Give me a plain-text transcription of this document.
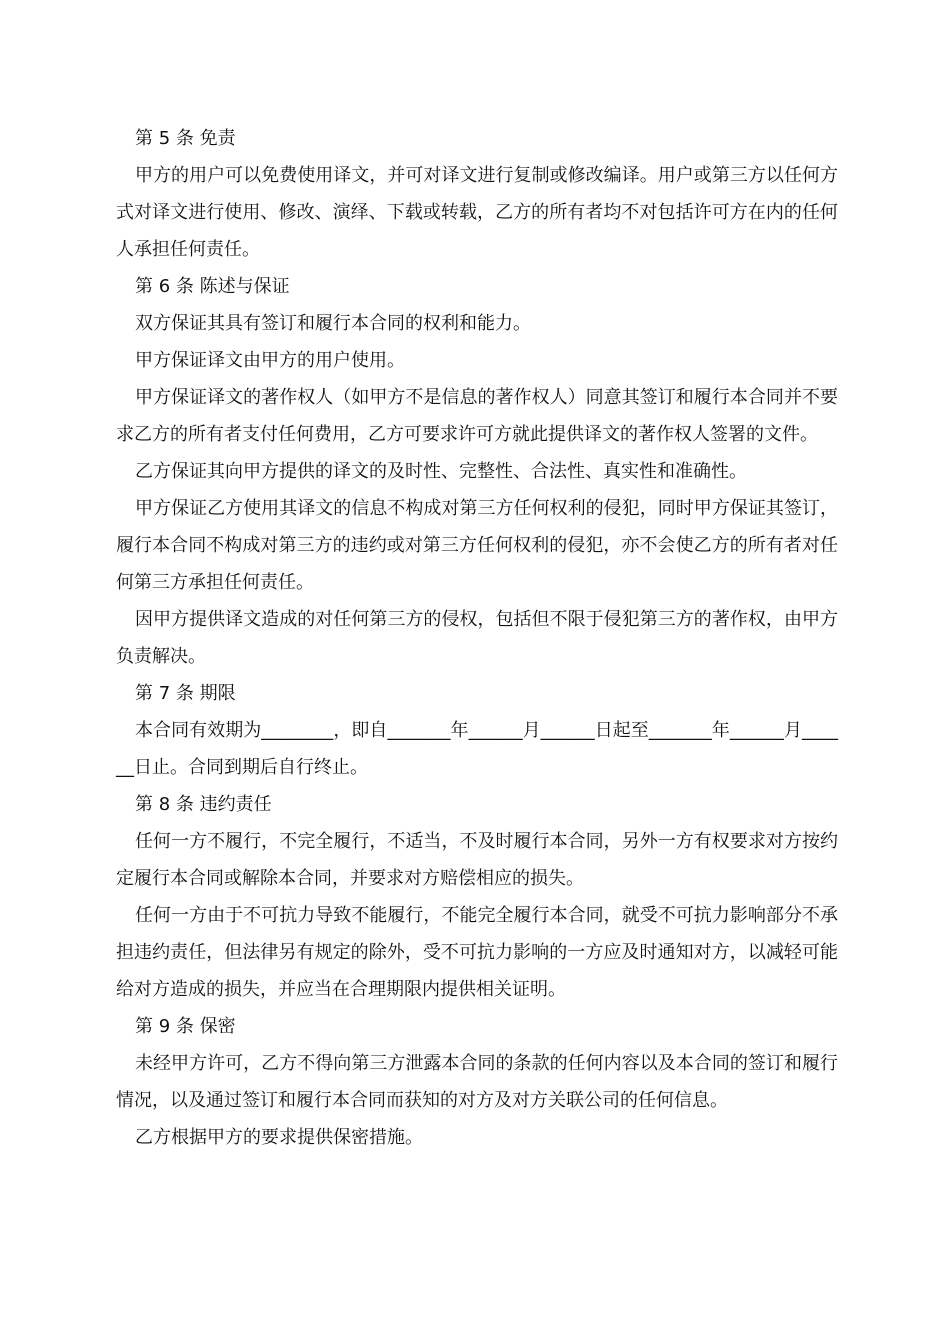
第 5 条 免责

甲方的用户可以免费使用译文，并可对译文进行复制或修改编译。用户或第三方以任何方式对译文进行使用、修改、演绎、下载或转载，乙方的所有者均不对包括许可方在内的任何人承担任何责任。

第 6 条 陈述与保证

双方保证其具有签订和履行本合同的权利和能力。

甲方保证译文由甲方的用户使用。

甲方保证译文的著作权人（如甲方不是信息的著作权人）同意其签订和履行本合同并不要求乙方的所有者支付任何费用，乙方可要求许可方就此提供译文的著作权人签署的文件。

乙方保证其向甲方提供的译文的及时性、完整性、合法性、真实性和准确性。

甲方保证乙方使用其译文的信息不构成对第三方任何权利的侵犯，同时甲方保证其签订，履行本合同不构成对第三方的违约或对第三方任何权利的侵犯，亦不会使乙方的所有者对任何第三方承担任何责任。

因甲方提供译文造成的对任何第三方的侵权，包括但不限于侵犯第三方的著作权，由甲方负责解决。

第 7 条 期限

本合同有效期为________，即自_______年______月______日起至_______年______月______日止。合同到期后自行终止。

第 8 条 违约责任

任何一方不履行，不完全履行，不适当，不及时履行本合同，另外一方有权要求对方按约定履行本合同或解除本合同，并要求对方赔偿相应的损失。

任何一方由于不可抗力导致不能履行，不能完全履行本合同，就受不可抗力影响部分不承担违约责任，但法律另有规定的除外，受不可抗力影响的一方应及时通知对方，以减轻可能给对方造成的损失，并应当在合理期限内提供相关证明。

第 9 条 保密

未经甲方许可，乙方不得向第三方泄露本合同的条款的任何内容以及本合同的签订和履行情况，以及通过签订和履行本合同而获知的对方及对方关联公司的任何信息。

乙方根据甲方的要求提供保密措施。
